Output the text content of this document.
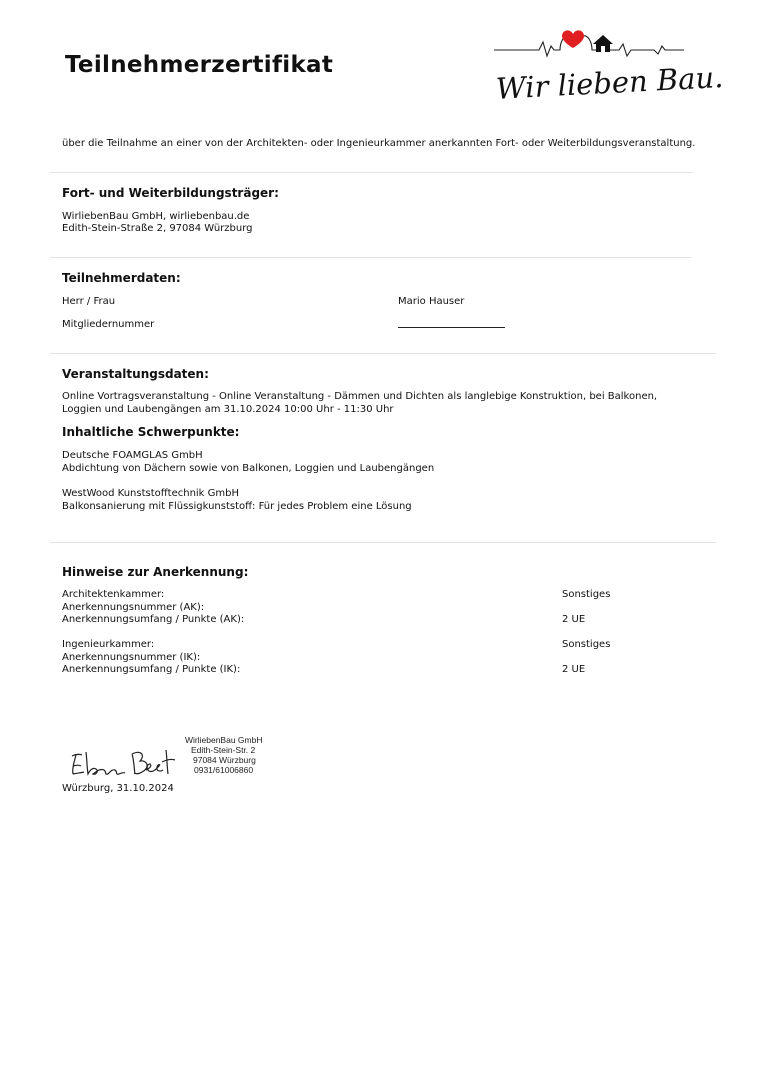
Teilnehmerzertifikat	Wir lieben Bau.
über die Teilnahme an einer von der Architekten- oder Ingenieurkammer anerkannten Fort- oder Weiterbildungsveranstaltung.
Fort- und Weiterbildungsträger:
WirliebenBau GmbH, wirliebenbau.de
Edith-Stein-Straße 2, 97084 Würzburg
Teilnehmerdaten:
Herr / Frau	Mario Hauser
Mitgliedernummer
Veranstaltungsdaten:
Online Vortragsveranstaltung - Online Veranstaltung - Dämmen und Dichten als langlebige Konstruktion, bei Balkonen,
Loggien und Laubengängen am 31.10.2024 10:00 Uhr - 11:30 Uhr
Inhaltliche Schwerpunkte:
Deutsche FOAMGLAS GmbH
Abdichtung von Dächern sowie von Balkonen, Loggien und Laubengängen
WestWood Kunststofftechnik GmbH
Balkonsanierung mit Flüssigkunststoff: Für jedes Problem eine Lösung
Hinweise zur Anerkennung:
Architektenkammer:	Sonstiges
Anerkennungsnummer (AK):
Anerkennungsumfang / Punkte (AK):	2 UE
Ingenieurkammer:	Sonstiges
Anerkennungsnummer (IK):
Anerkennungsumfang / Punkte (IK):	2 UE
WirliebenBau GmbH
Edith-Stein-Str. 2
97084 Würzburg
0931/61006860
Würzburg, 31.10.2024
